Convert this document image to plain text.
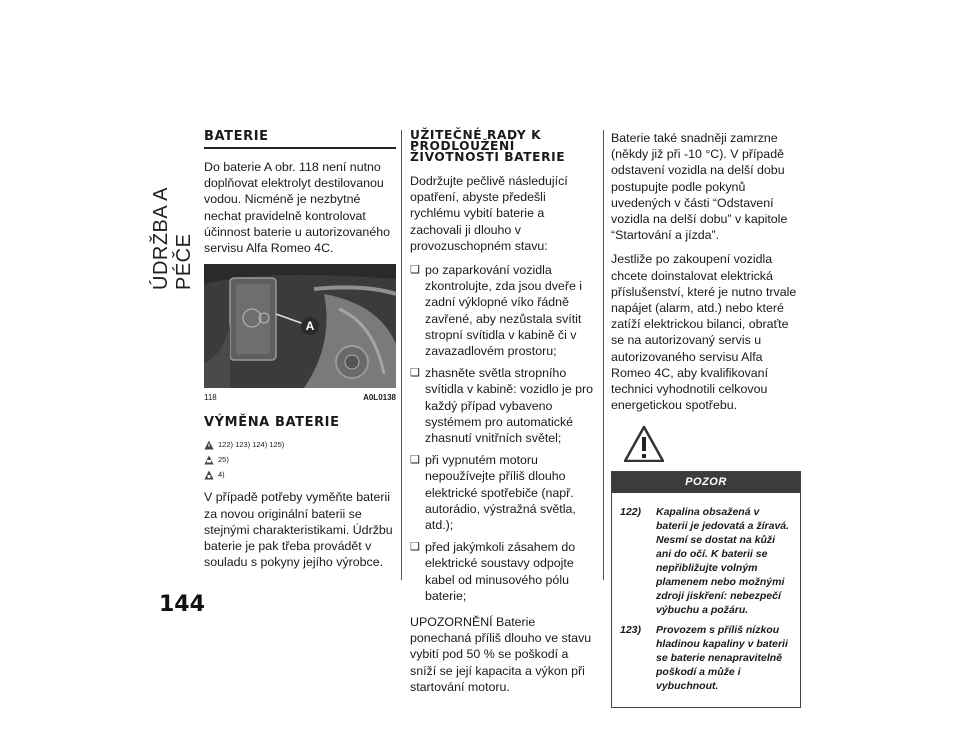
ÚDRŽBA A PÉČE
144
BATERIE

Do baterie A obr. 118 není nutno doplňovat elektrolyt destilovanou vodou. Nicméně je nezbytné nechat pravidelně kontrolovat účinnost baterie u autorizovaného servisu Alfa Romeo 4C.

A
118	A0L0138
VÝMĚNA BATERIE
122) 123) 124) 125)
25)
4)

V případě potřeby vyměňte baterii za novou originální baterii se stejnými charakteristikami. Údržbu baterie je pak třeba provádět v souladu s pokyny jejího výrobce.

UŽITEČNÉ RADY K PRODLOUŽENÍ ŽIVOTNOSTI BATERIE

Dodržujte pečlivě následující opatření, abyste předešli rychlému vybití baterie a zachovali ji dlouho v provozuschopném stavu:

❑ po zaparkování vozidla zkontrolujte, zda jsou dveře i zadní výklopné víko řádně zavřené, aby nezůstala svítit stropní svítidla v kabině či v zavazadlovém prostoru;
❑ zhasněte světla stropního svítidla v kabině: vozidlo je pro každý případ vybaveno systémem pro automatické zhasnutí vnitřních světel;
❑ při vypnutém motoru nepoužívejte příliš dlouho elektrické spotřebiče (např. autorádio, výstražná světla, atd.);
❑ před jakýmkoli zásahem do elektrické soustavy odpojte kabel od minusového pólu baterie;

UPOZORNĚNÍ Baterie ponechaná příliš dlouho ve stavu vybití pod 50 % se poškodí a sníží se její kapacita a výkon při startování motoru.

Baterie také snadněji zamrzne (někdy již při -10 °C). V případě odstavení vozidla na delší dobu postupujte podle pokynů uvedených v části “Odstavení vozidla na delší dobu” v kapitole “Startování a jízda”.

Jestliže po zakoupení vozidla chcete doinstalovat elektrická příslušenství, které je nutno trvale napájet (alarm, atd.) nebo které zatíží elektrickou bilanci, obraťte se na autorizovaný servis u autorizovaného servisu Alfa Romeo 4C, aby kvalifikovaní technici vyhodnotili celkovou energetickou spotřebu.

POZOR
122)	Kapalina obsažená v baterii je jedovatá a žíravá. Nesmí se dostat na kůži ani do očí. K baterii se nepřibližujte volným plamenem nebo možnými zdroji jiskření: nebezpečí výbuchu a požáru.
123)	Provozem s příliš nízkou hladinou kapaliny v baterii se baterie nenapravitelně poškodí a může i vybuchnout.
